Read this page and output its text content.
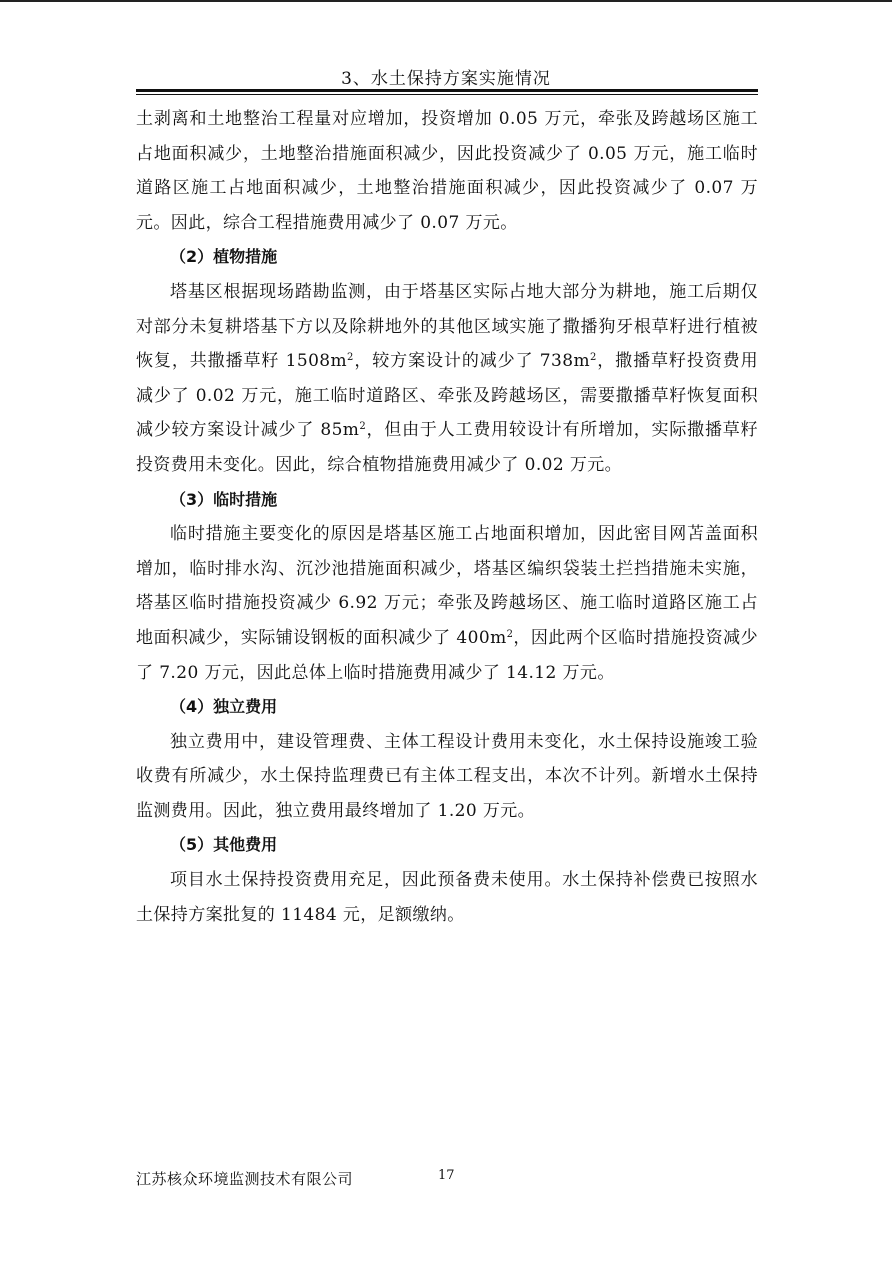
3、水土保持方案实施情况

土剥离和土地整治工程量对应增加，投资增加 0.05 万元，牵张及跨越场区施工占地面积减少，土地整治措施面积减少，因此投资减少了 0.05 万元，施工临时道路区施工占地面积减少，土地整治措施面积减少，因此投资减少了 0.07 万元。因此，综合工程措施费用减少了 0.07 万元。

（2）植物措施

塔基区根据现场踏勘监测，由于塔基区实际占地大部分为耕地，施工后期仅对部分未复耕塔基下方以及除耕地外的其他区域实施了撒播狗牙根草籽进行植被恢复，共撒播草籽 $1508m^2$，较方案设计的减少了 $738m^2$，撒播草籽投资费用减少了 0.02 万元，施工临时道路区、牵张及跨越场区，需要撒播草籽恢复面积减少较方案设计减少了 $85m^2$，但由于人工费用较设计有所增加，实际撒播草籽投资费用未变化。因此，综合植物措施费用减少了 0.02 万元。

（3）临时措施

临时措施主要变化的原因是塔基区施工占地面积增加，因此密目网苫盖面积增加，临时排水沟、沉沙池措施面积减少，塔基区编织袋装土拦挡措施未实施，塔基区临时措施投资减少 6.92 万元；牵张及跨越场区、施工临时道路区施工占地面积减少，实际铺设钢板的面积减少了 $400m^2$，因此两个区临时措施投资减少了 7.20 万元，因此总体上临时措施费用减少了 14.12 万元。

（4）独立费用

独立费用中，建设管理费、主体工程设计费用未变化，水土保持设施竣工验收费有所减少，水土保持监理费已有主体工程支出，本次不计列。新增水土保持监测费用。因此，独立费用最终增加了 1.20 万元。

（5）其他费用

项目水土保持投资费用充足，因此预备费未使用。水土保持补偿费已按照水土保持方案批复的 11484 元，足额缴纳。

江苏核众环境监测技术有限公司	17
